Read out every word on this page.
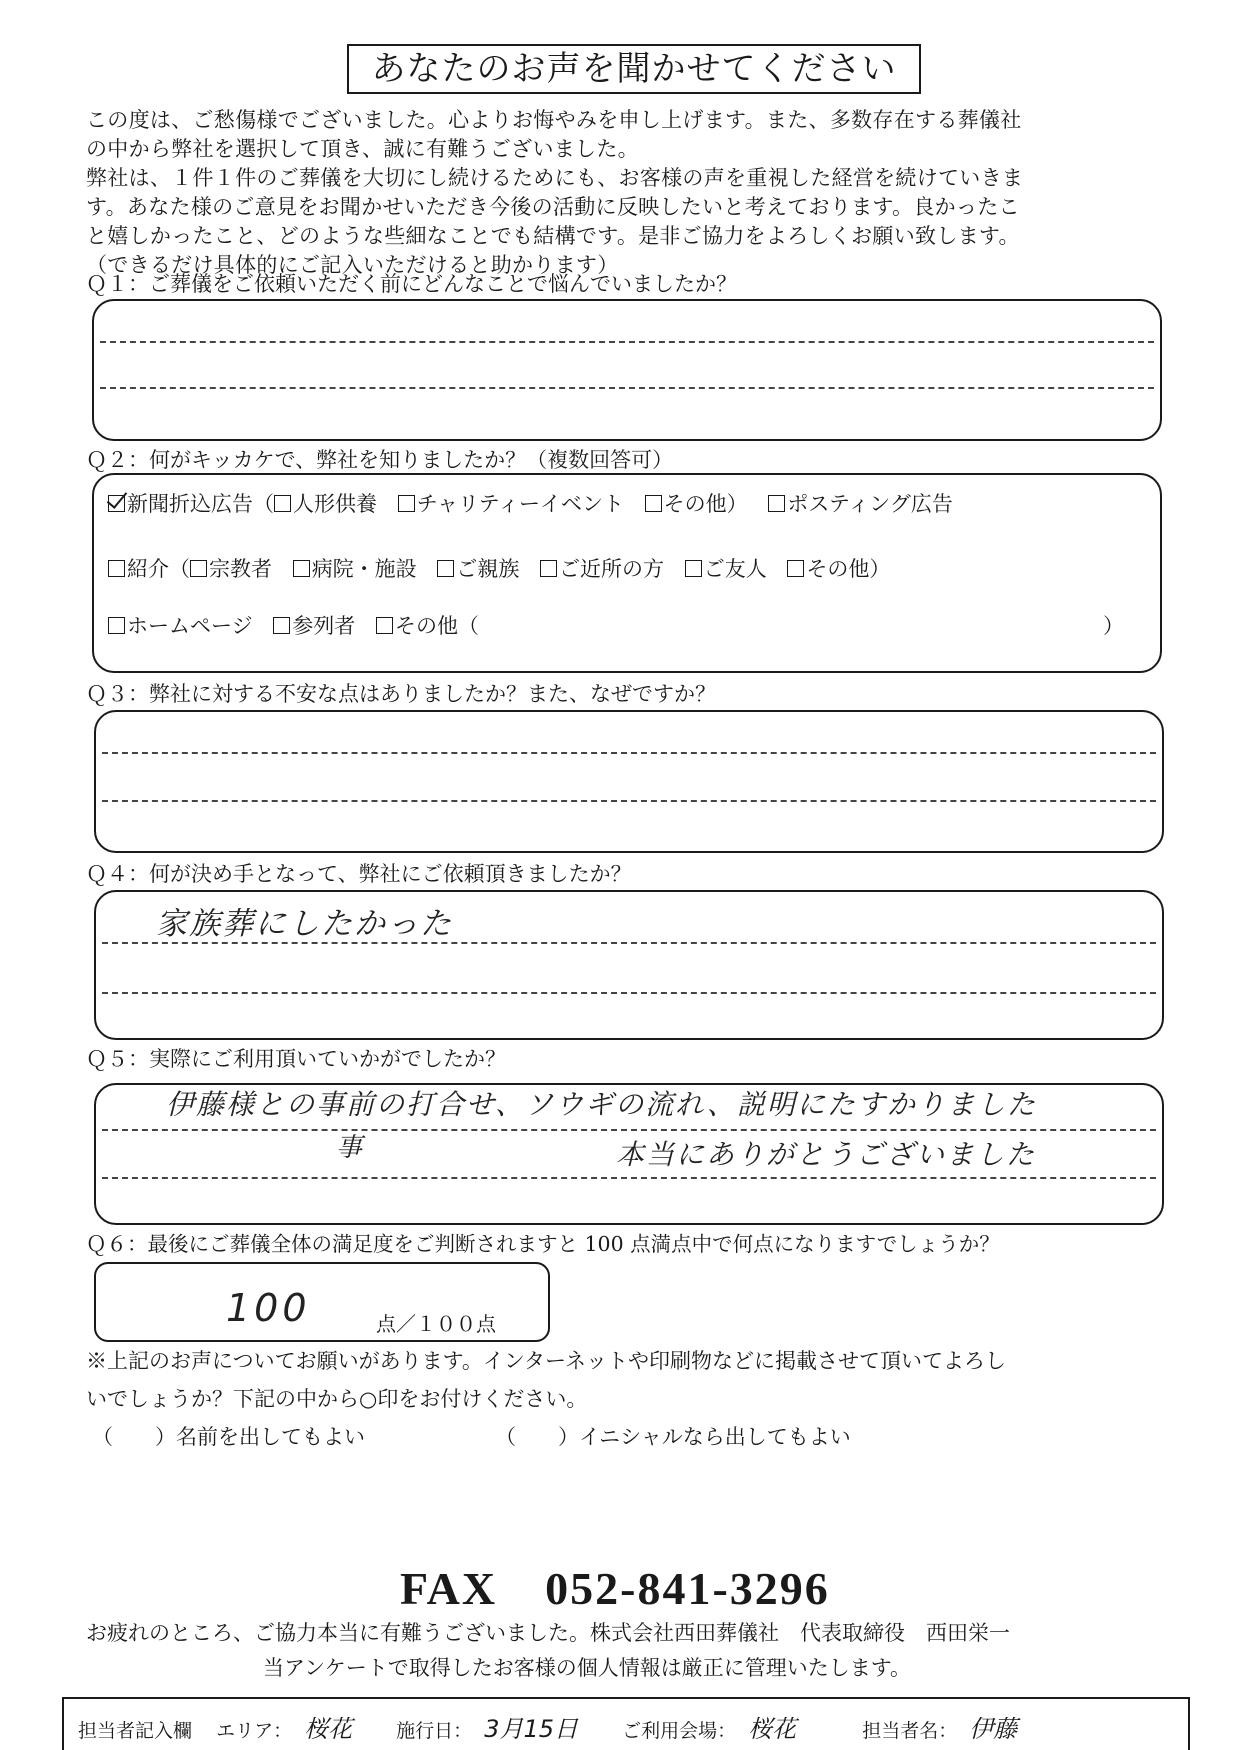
あなたのお声を聞かせてください

この度は、ご愁傷様でございました。心よりお悔やみを申し上げます。また、多数存在する葬儀社

の中から弊社を選択して頂き、誠に有難うございました。

弊社は、１件１件のご葬儀を大切にし続けるためにも、お客様の声を重視した経営を続けていきま

す。あなた様のご意見をお聞かせいただき今後の活動に反映したいと考えております。良かったこ

と嬉しかったこと、どのような些細なことでも結構です。是非ご協力をよろしくお願い致します。

（できるだけ具体的にご記入いただけると助かります）

Ｑ１：ご葬儀をご依頼いただく前にどんなことで悩んでいましたか？
Ｑ２：何がキッカケで、弊社を知りましたか？（複数回答可）
新聞折込広告（ 人形供養 チャリティーイベント その他） ポスティング広告
紹介（ 宗教者 病院・施設 ご親族 ご近所の方 ご友人 その他）
ホームページ 参列者 その他（	）
Ｑ３：弊社に対する不安な点はありましたか？また、なぜですか？
Ｑ４：何が決め手となって、弊社にご依頼頂きましたか？
家族葬にしたかった
Ｑ５：実際にご利用頂いていかがでしたか？
伊藤様との事前の打合せ、ソウギの流れ、説明にたすかりました
事	本当にありがとうございました
Ｑ６：最後にご葬儀全体の満足度をご判断されますと 100 点満点中で何点になりますでしょうか？
100	点／１００点
※上記のお声についてお願いがあります。インターネットや印刷物などに掲載させて頂いてよろし
いでしょうか？下記の中から○印をお付けください。
（　　）名前を出してもよい	（　　）イニシャルなら出してもよい
FAX　052-841-3296
お疲れのところ、ご協力本当に有難うございました。株式会社西田葬儀社　代表取締役　西田栄一
当アンケートで取得したお客様の個人情報は厳正に管理いたします。
担当者記入欄 エリア： 桜花 施行日： 3月15日 ご利用会場： 桜花	担当者名： 伊藤
